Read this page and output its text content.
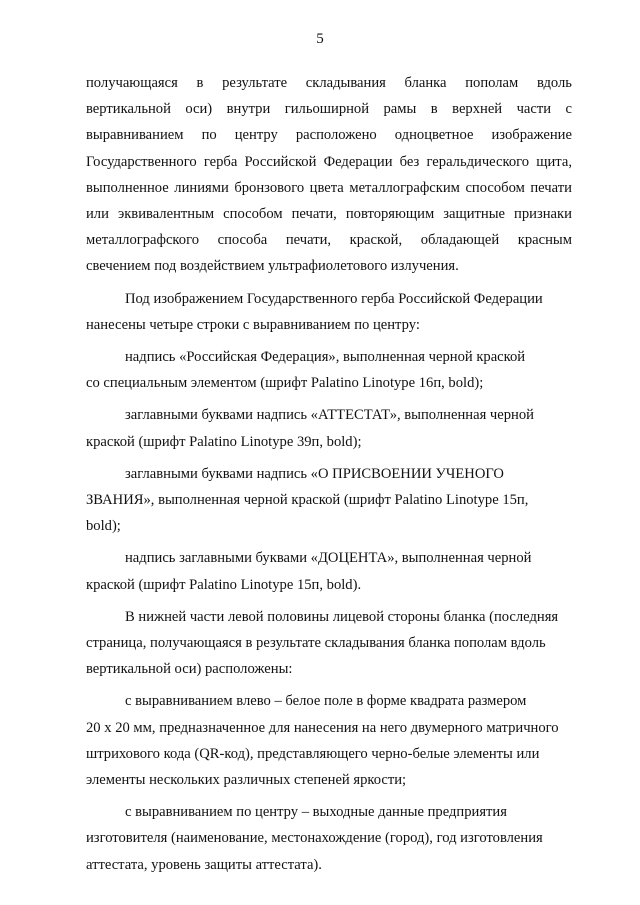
5
получающаяся в результате складывания бланка пополам вдоль
вертикальной оси) внутри гильоширной рамы в верхней части с
выравниванием по центру расположено одноцветное изображение
Государственного герба Российской Федерации без геральдического щита,
выполненное линиями бронзового цвета металлографским способом печати
или эквивалентным способом печати, повторяющим защитные признаки
металлографского способа печати, краской, обладающей красным
свечением под воздействием ультрафиолетового излучения.
Под изображением Государственного герба Российской Федерации
нанесены четыре строки с выравниванием по центру:
надпись «Российская Федерация», выполненная черной краской
со специальным элементом (шрифт Palatino Linotype 16п, bold);
заглавными буквами надпись «АТТЕСТАТ», выполненная черной
краской (шрифт Palatino Linotype 39п, bold);
заглавными буквами надпись «О ПРИСВОЕНИИ УЧЕНОГО
ЗВАНИЯ», выполненная черной краской (шрифт Palatino Linotype 15п,
bold);
надпись заглавными буквами «ДОЦЕНТА», выполненная черной
краской (шрифт Palatino Linotype 15п, bold).
В нижней части левой половины лицевой стороны бланка (последняя
страница, получающаяся в результате складывания бланка пополам вдоль
вертикальной оси) расположены:
с выравниванием влево – белое поле в форме квадрата размером
20 х 20 мм, предназначенное для нанесения на него двумерного матричного
штрихового кода (QR-код), представляющего черно-белые элементы или
элементы нескольких различных степеней яркости;
с выравниванием по центру – выходные данные предприятия
изготовителя (наименование, местонахождение (город), год изготовления
аттестата, уровень защиты аттестата).
